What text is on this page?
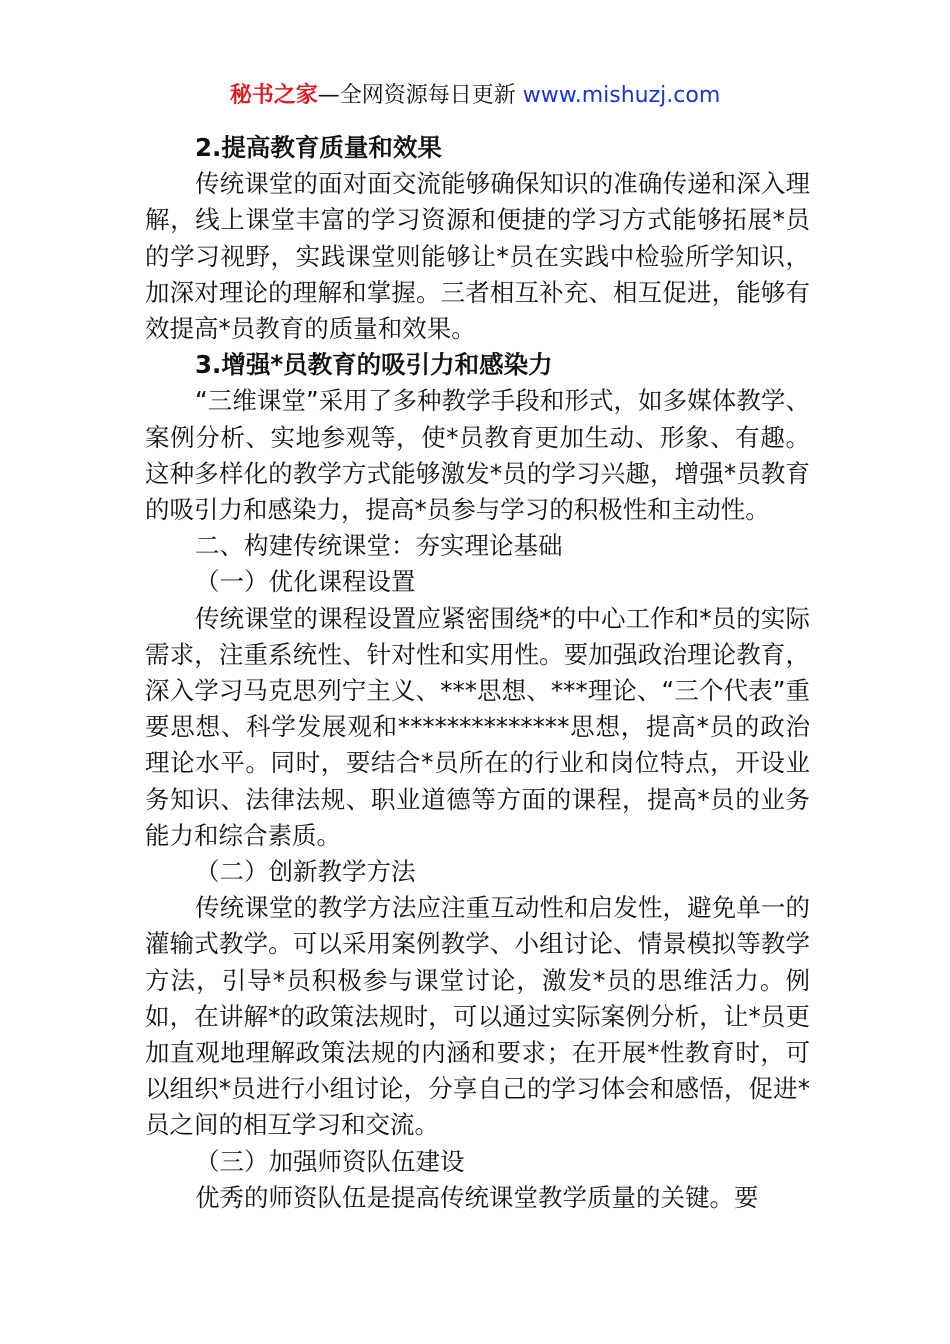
秘书之家—全网资源每日更新 www.mishuzj.com

2.提高教育质量和效果

传统课堂的面对面交流能够确保知识的准确传递和深入理解，线上课堂丰富的学习资源和便捷的学习方式能够拓展*员的学习视野，实践课堂则能够让*员在实践中检验所学知识，加深对理论的理解和掌握。三者相互补充、相互促进，能够有效提高*员教育的质量和效果。

3.增强*员教育的吸引力和感染力

“三维课堂”采用了多种教学手段和形式，如多媒体教学、案例分析、实地参观等，使*员教育更加生动、形象、有趣。这种多样化的教学方式能够激发*员的学习兴趣，增强*员教育的吸引力和感染力，提高*员参与学习的积极性和主动性。

二、构建传统课堂：夯实理论基础

（一）优化课程设置

传统课堂的课程设置应紧密围绕*的中心工作和*员的实际需求，注重系统性、针对性和实用性。要加强政治理论教育，深入学习马克思列宁主义、***思想、***理论、“三个代表”重要思想、科学发展观和**************思想，提高*员的政治理论水平。同时，要结合*员所在的行业和岗位特点，开设业务知识、法律法规、职业道德等方面的课程，提高*员的业务能力和综合素质。

（二）创新教学方法

传统课堂的教学方法应注重互动性和启发性，避免单一的灌输式教学。可以采用案例教学、小组讨论、情景模拟等教学方法，引导*员积极参与课堂讨论，激发*员的思维活力。例如，在讲解*的政策法规时，可以通过实际案例分析，让*员更加直观地理解政策法规的内涵和要求；在开展*性教育时，可以组织*员进行小组讨论，分享自己的学习体会和感悟，促进*员之间的相互学习和交流。

（三）加强师资队伍建设

优秀的师资队伍是提高传统课堂教学质量的关键。要
